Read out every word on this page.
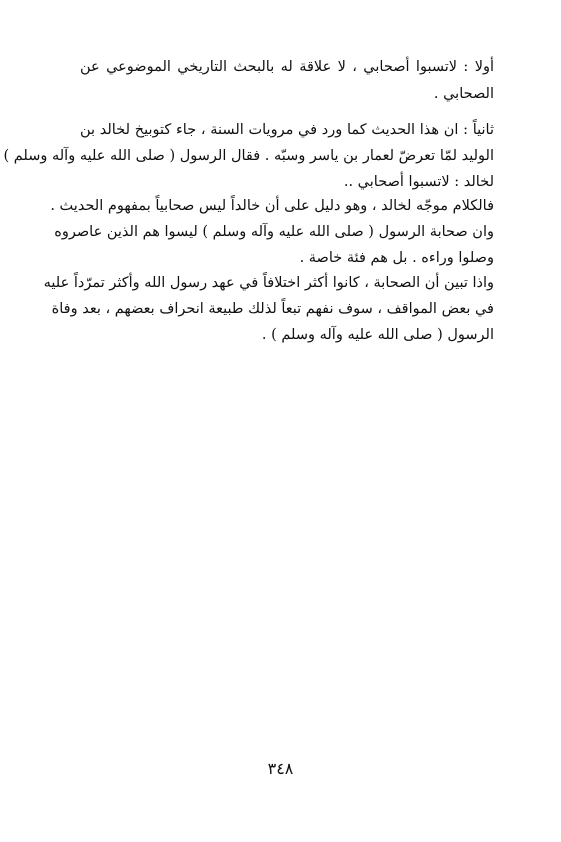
أولا : لاتسبوا أصحابي ، لا علاقة له بالبحث التاريخي الموضوعي عن
الصحابي .
ثانياً : ان هذا الحديث كما ورد في مرويات السنة ، جاء كتوبيخ لخالد بن
الوليد لمّا تعرضّ لعمار بن ياسر وسبّه . فقال الرسول ( صلى الله عليه وآله وسلم )
لخالد : لاتسبوا أصحابي ..
فالكلام موجّه لخالد ، وهو دليل على أن خالداً ليس صحابياً بمفهوم الحديث .
وان صحابة الرسول ( صلى الله عليه وآله وسلم ) ليسوا هم الذين عاصروه
وصلوا وراءه . بل هم فئة خاصة .
واذا تبين أن الصحابة ، كانوا أكثر اختلافاً في عهد رسول الله وأكثر تمرّداً عليه
في بعض المواقف ، سوف نفهم تبعاً لذلك طبيعة انحراف بعضهم ، بعد وفاة
الرسول ( صلى الله عليه وآله وسلم ) .
٣٤٨
